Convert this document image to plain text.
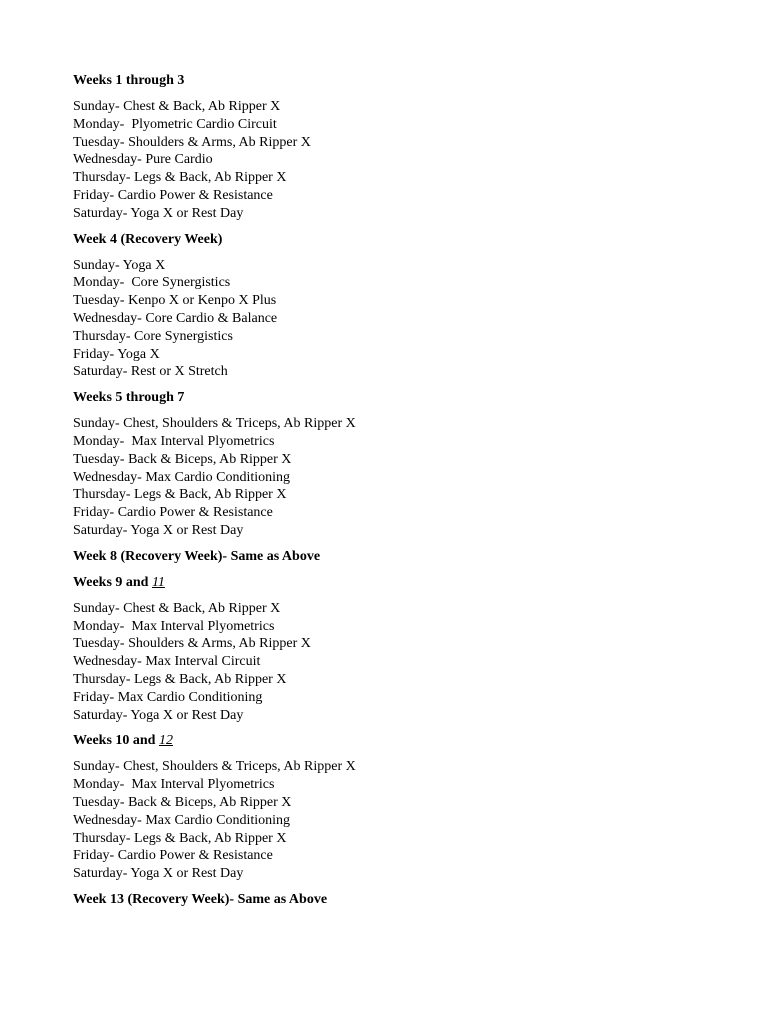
Weeks 1 through 3

Sunday- Chest & Back, Ab Ripper X
Monday-  Plyometric Cardio Circuit
Tuesday- Shoulders & Arms, Ab Ripper X
Wednesday- Pure Cardio
Thursday- Legs & Back, Ab Ripper X
Friday- Cardio Power & Resistance
Saturday- Yoga X or Rest Day

Week 4 (Recovery Week)

Sunday- Yoga X
Monday-  Core Synergistics
Tuesday- Kenpo X or Kenpo X Plus
Wednesday- Core Cardio & Balance
Thursday- Core Synergistics
Friday- Yoga X
Saturday- Rest or X Stretch

Weeks 5 through 7

Sunday- Chest, Shoulders & Triceps, Ab Ripper X
Monday-  Max Interval Plyometrics
Tuesday- Back & Biceps, Ab Ripper X
Wednesday- Max Cardio Conditioning
Thursday- Legs & Back, Ab Ripper X
Friday- Cardio Power & Resistance
Saturday- Yoga X or Rest Day

Week 8 (Recovery Week)- Same as Above

Weeks 9 and 11

Sunday- Chest & Back, Ab Ripper X
Monday-  Max Interval Plyometrics
Tuesday- Shoulders & Arms, Ab Ripper X
Wednesday- Max Interval Circuit
Thursday- Legs & Back, Ab Ripper X
Friday- Max Cardio Conditioning
Saturday- Yoga X or Rest Day

Weeks 10 and 12

Sunday- Chest, Shoulders & Triceps, Ab Ripper X
Monday-  Max Interval Plyometrics
Tuesday- Back & Biceps, Ab Ripper X
Wednesday- Max Cardio Conditioning
Thursday- Legs & Back, Ab Ripper X
Friday- Cardio Power & Resistance
Saturday- Yoga X or Rest Day

Week 13 (Recovery Week)- Same as Above
